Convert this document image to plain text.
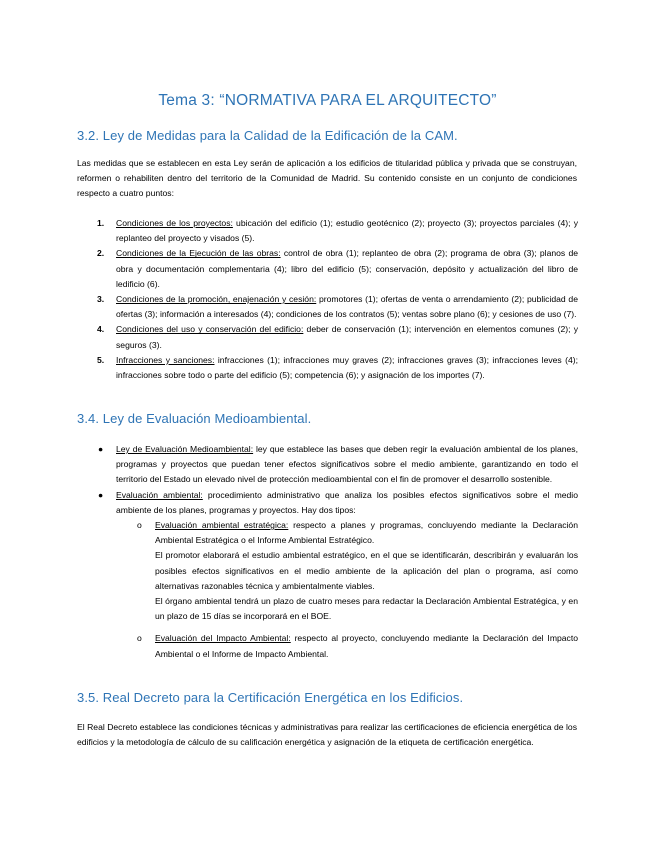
Tema 3: “NORMATIVA PARA EL ARQUITECTO”
3.2. Ley de Medidas para la Calidad de la Edificación de la CAM.
Las medidas que se establecen en esta Ley serán de aplicación a los edificios de titularidad pública y privada que se construyan, reformen o rehabiliten dentro del territorio de la Comunidad de Madrid. Su contenido consiste en un conjunto de condiciones respecto a cuatro puntos:
1. Condiciones de los proyectos: ubicación del edificio (1); estudio geotécnico (2); proyecto (3); proyectos parciales (4); y replanteo del proyecto y visados (5).
2. Condiciones de la Ejecución de las obras: control de obra (1); replanteo de obra (2); programa de obra (3); planos de obra y documentación complementaria (4); libro del edificio (5); conservación, depósito y actualización del libro de ledificio (6).
3. Condiciones de la promoción, enajenación y cesión: promotores (1); ofertas de venta o arrendamiento (2); publicidad de ofertas (3); información a interesados (4); condiciones de los contratos (5); ventas sobre plano (6); y cesiones de uso (7).
4. Condiciones del uso y conservación del edificio: deber de conservación (1); intervención en elementos comunes (2); y seguros (3).
5. Infracciones y sanciones: infracciones (1); infracciones muy graves (2); infracciones graves (3); infracciones leves (4); infracciones sobre todo o parte del edificio (5); competencia (6); y asignación de los importes (7).
3.4. Ley de Evaluación Medioambiental.
● Ley de Evaluación Medioambiental: ley que establece las bases que deben regir la evaluación ambiental de los planes, programas y proyectos que puedan tener efectos significativos sobre el medio ambiente, garantizando en todo el territorio del Estado un elevado nivel de protección medioambiental con el fin de promover el desarrollo sostenible.
● Evaluación ambiental: procedimiento administrativo que analiza los posibles efectos significativos sobre el medio ambiente de los planes, programas y proyectos. Hay dos tipos:
o Evaluación ambiental estratégica: respecto a planes y programas, concluyendo mediante la Declaración Ambiental Estratégica o el Informe Ambiental Estratégico.
El promotor elaborará el estudio ambiental estratégico, en el que se identificarán, describirán y evaluarán los posibles efectos significativos en el medio ambiente de la aplicación del plan o programa, así como alternativas razonables técnica y ambientalmente viables.
El órgano ambiental tendrá un plazo de cuatro meses para redactar la Declaración Ambiental Estratégica, y en un plazo de 15 días se incorporará en el BOE.
o Evaluación del Impacto Ambiental: respecto al proyecto, concluyendo mediante la Declaración del Impacto Ambiental o el Informe de Impacto Ambiental.
3.5. Real Decreto para la Certificación Energética en los Edificios.
El Real Decreto establece las condiciones técnicas y administrativas para realizar las certificaciones de eficiencia energética de los edificios y la metodología de cálculo de su calificación energética y asignación de la etiqueta de certificación energética.
